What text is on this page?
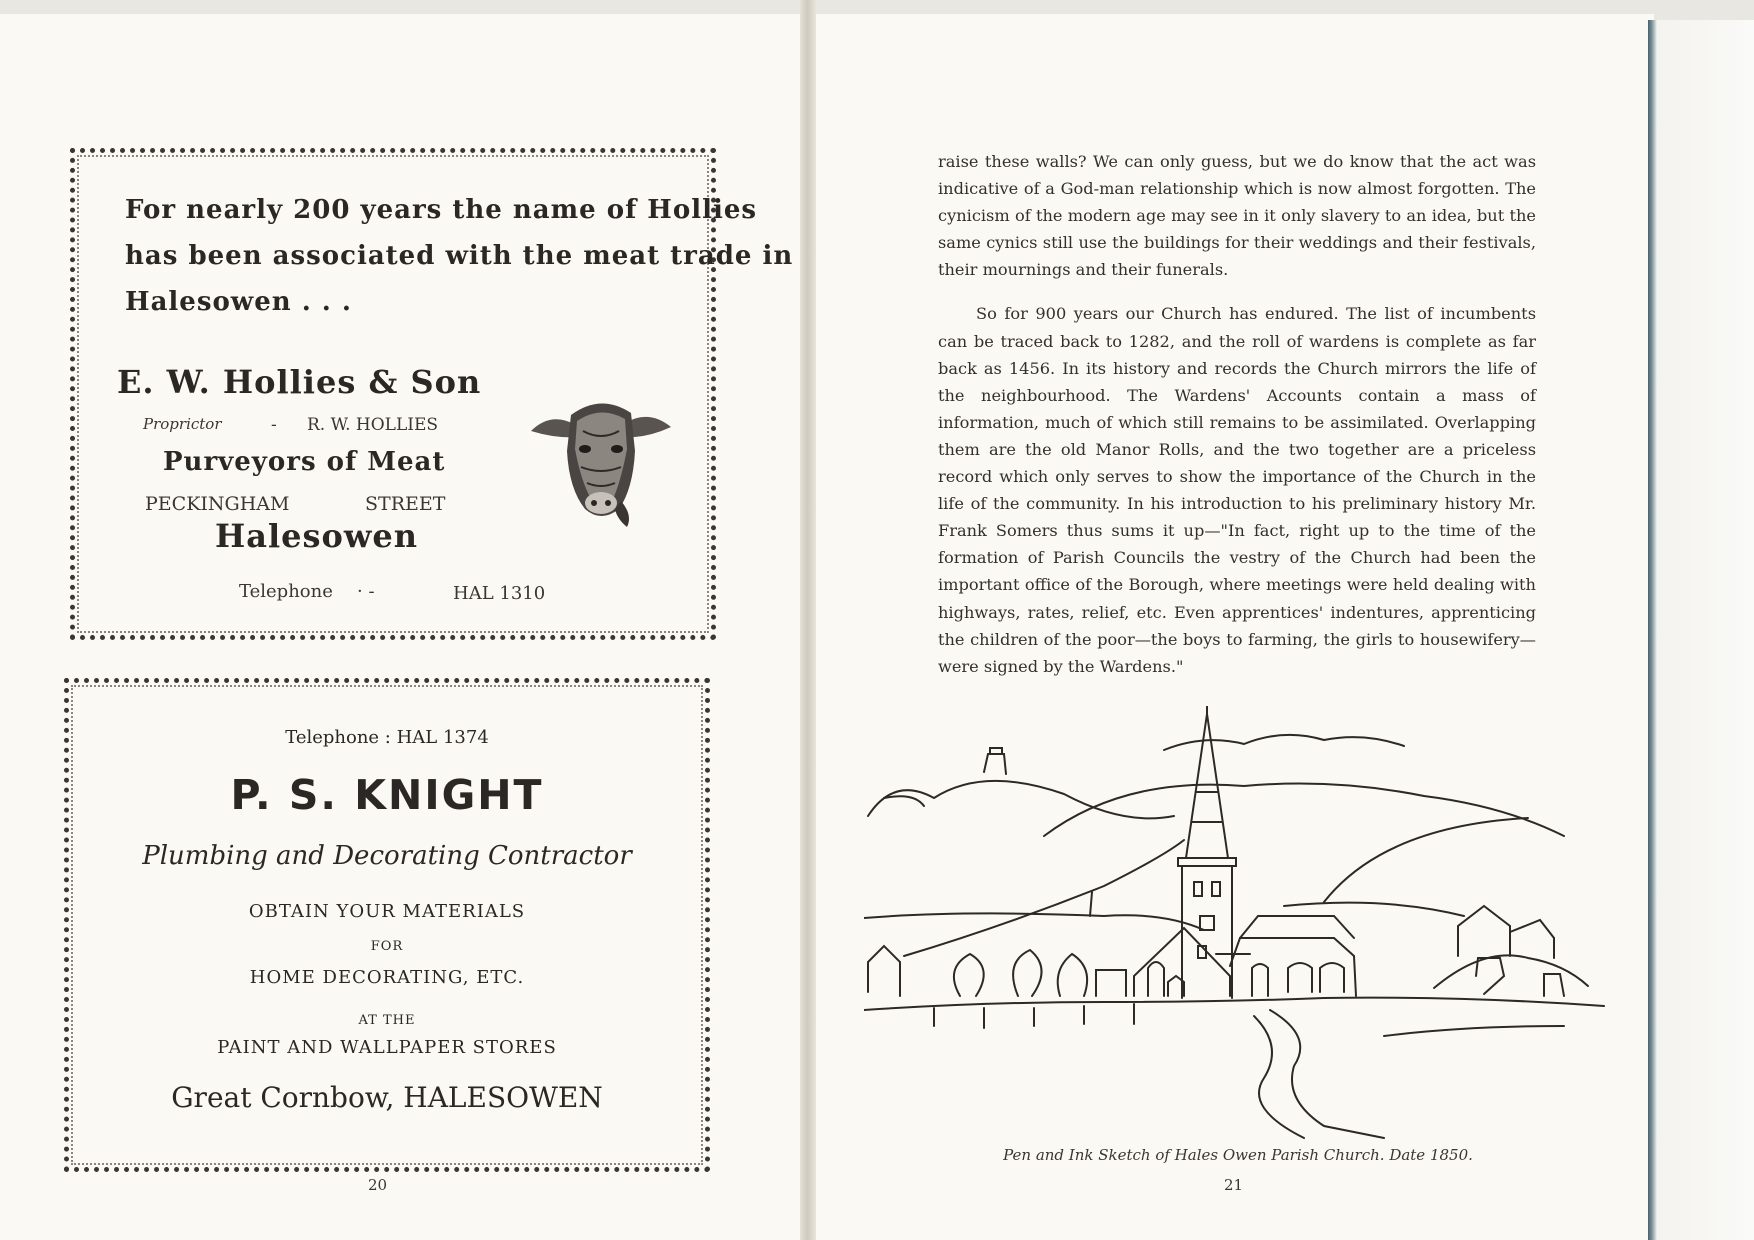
For nearly 200 years the name of Hollies
has been associated with the meat trade in
Halesowen . . .
E. W. Hollies & Son
Proprictor	- R. W. HOLLIES
Purveyors of Meat
PECKINGHAM	STREET
Halesowen
Telephone · -	HAL 1310
Telephone : HAL 1374
P. S. KNIGHT
Plumbing and Decorating Contractor
OBTAIN YOUR MATERIALS
FOR
HOME DECORATING, ETC.
AT THE
PAINT AND WALLPAPER STORES
Great Cornbow, HALESOWEN
20

raise these walls? We can only guess, but we do know that the act was indicative of a God-man relationship which is now almost forgotten. The cynicism of the modern age may see in it only slavery to an idea, but the same cynics still use the buildings for their weddings and their festivals, their mournings and their funerals.

So for 900 years our Church has endured. The list of incumbents can be traced back to 1282, and the roll of wardens is complete as far back as 1456. In its history and records the Church mirrors the life of the neighbourhood. The Wardens' Accounts contain a mass of information, much of which still remains to be assimilated. Overlapping them are the old Manor Rolls, and the two together are a priceless record which only serves to show the importance of the Church in the life of the community. In his introduction to his preliminary history Mr. Frank Somers thus sums it up—"In fact, right up to the time of the formation of Parish Councils the vestry of the Church had been the important office of the Borough, where meetings were held dealing with highways, rates, relief, etc. Even apprentices' indentures, apprenticing the children of the poor—the boys to farming, the girls to housewifery—were signed by the Wardens."

Pen and Ink Sketch of Hales Owen Parish Church. Date 1850.
21
